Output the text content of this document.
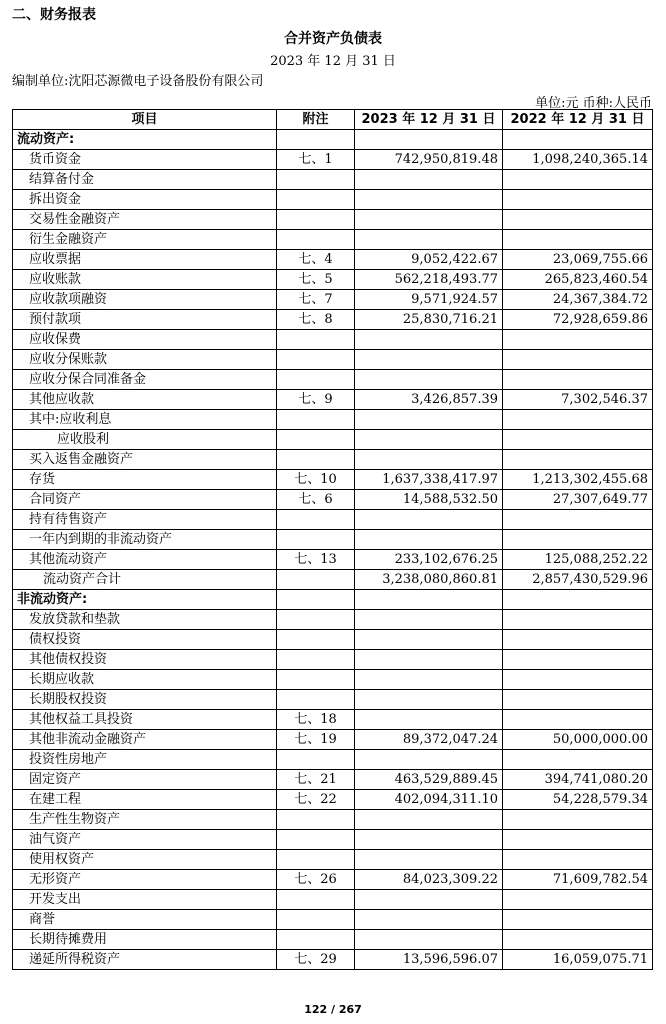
二、财务报表
合并资产负债表
2023 年 12 月 31 日
编制单位:沈阳芯源微电子设备股份有限公司
单位:元 币种:人民币
项目	附注	2023 年 12 月 31 日	2022 年 12 月 31 日
流动资产:			
货币资金	七、1	742,950,819.48	1,098,240,365.14
结算备付金			
拆出资金			
交易性金融资产			
衍生金融资产			
应收票据	七、4	9,052,422.67	23,069,755.66
应收账款	七、5	562,218,493.77	265,823,460.54
应收款项融资	七、7	9,571,924.57	24,367,384.72
预付款项	七、8	25,830,716.21	72,928,659.86
应收保费			
应收分保账款			
应收分保合同准备金			
其他应收款	七、9	3,426,857.39	7,302,546.37
其中:应收利息			
应收股利			
买入返售金融资产			
存货	七、10	1,637,338,417.97	1,213,302,455.68
合同资产	七、6	14,588,532.50	27,307,649.77
持有待售资产			
一年内到期的非流动资产			
其他流动资产	七、13	233,102,676.25	125,088,252.22
流动资产合计		3,238,080,860.81	2,857,430,529.96
非流动资产:			
发放贷款和垫款			
债权投资			
其他债权投资			
长期应收款			
长期股权投资			
其他权益工具投资	七、18		
其他非流动金融资产	七、19	89,372,047.24	50,000,000.00
投资性房地产			
固定资产	七、21	463,529,889.45	394,741,080.20
在建工程	七、22	402,094,311.10	54,228,579.34
生产性生物资产			
油气资产			
使用权资产			
无形资产	七、26	84,023,309.22	71,609,782.54
开发支出			
商誉			
长期待摊费用			
递延所得税资产	七、29	13,596,596.07	16,059,075.71
122 / 267
